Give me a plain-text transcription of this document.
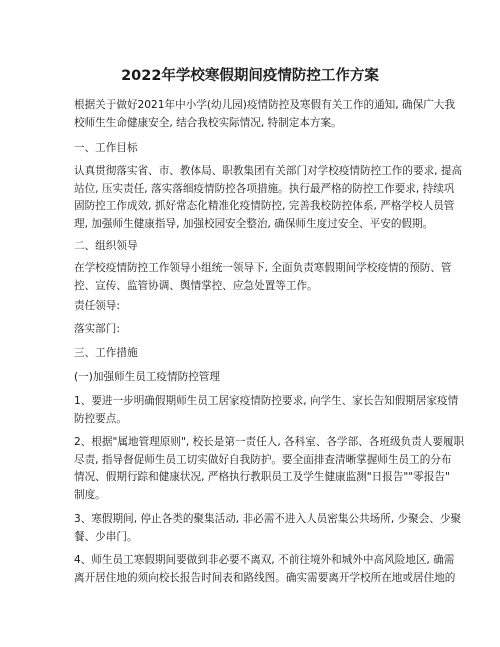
2022年学校寒假期间疫情防控工作方案
根据关于做好2021年中小学(幼儿园)疫情防控及寒假有关工作的通知, 确保广大我
校师生生命健康安全, 结合我校实际情况, 特制定本方案。
一、工作目标
认真贯彻落实省、市、教体局、职教集团有关部门对学校疫情防控工作的要求, 提高
站位, 压实责任, 落实落细疫情防控各项措施。执行最严格的防控工作要求, 持续巩
固防控工作成效, 抓好常态化精准化疫情防控, 完善我校防控体系, 严格学校人员管
理, 加强师生健康指导, 加强校园安全整治, 确保师生度过安全、平安的假期。
二、组织领导
在学校疫情防控工作领导小组统一领导下, 全面负责寒假期间学校疫情的预防、管
控、宣传、监管协调、舆情掌控、应急处置等工作。
责任领导:
落实部门:
三、工作措施
(一)加强师生员工疫情防控管理
1、要进一步明确假期师生员工居家疫情防控要求, 向学生、家长告知假期居家疫情
防控要点。
2、根据"属地管理原则", 校长是第一责任人, 各科室、各学部、各班级负责人要履职
尽责, 指导督促师生员工切实做好自我防护。要全面排查清晰掌握师生员工的分布
情况、假期行踪和健康状况, 严格执行教职员工及学生健康监测"日报告""零报告"
制度。
3、寒假期间, 停止各类的聚集活动, 非必需不进入人员密集公共场所, 少聚会、少聚
餐、少串门。
4、师生员工寒假期间要做到非必要不离双, 不前往境外和城外中高风险地区, 确需
离开居住地的须向校长报告时间表和路线图。确实需要离开学校所在地或居住地的
